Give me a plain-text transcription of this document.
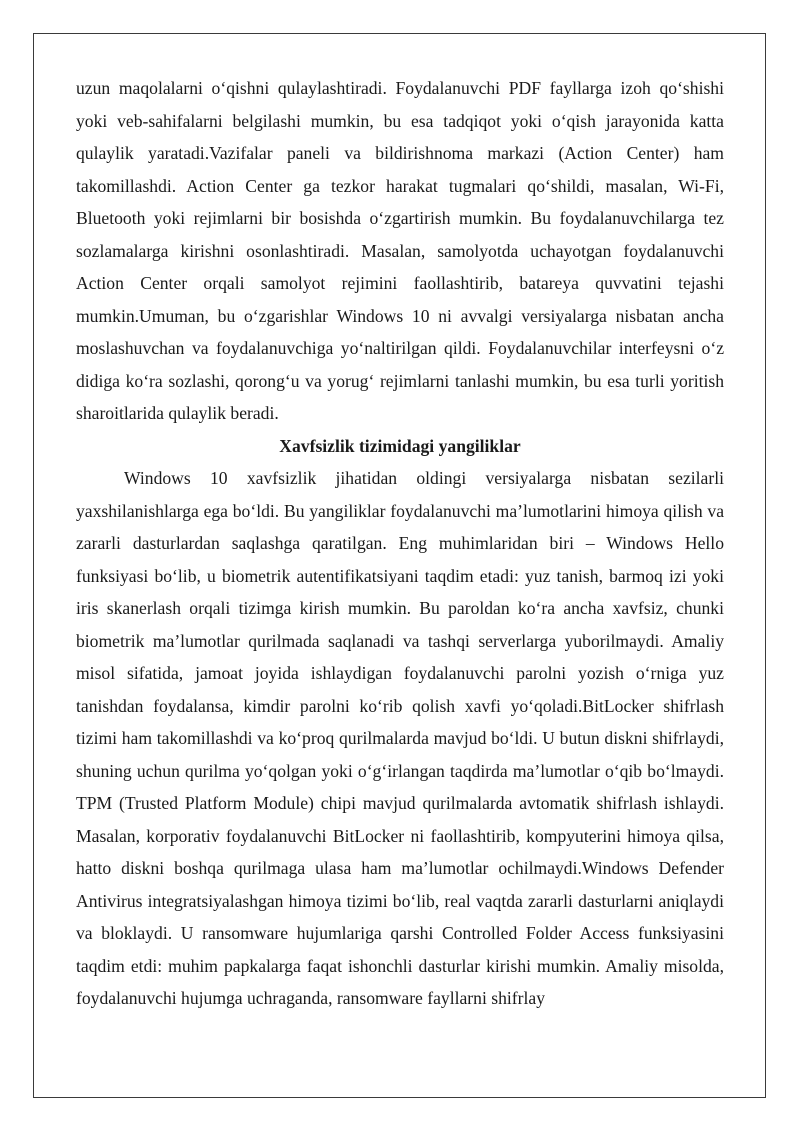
uzun maqolalarni o‘qishni qulaylashtiradi. Foydalanuvchi PDF fayllarga izoh qo‘shishi yoki veb-sahifalarni belgilashi mumkin, bu esa tadqiqot yoki o‘qish jarayonida katta qulaylik yaratadi.Vazifalar paneli va bildirishnoma markazi (Action Center) ham takomillashdi. Action Center ga tezkor harakat tugmalari qo‘shildi, masalan, Wi-Fi, Bluetooth yoki rejimlarni bir bosishda o‘zgartirish mumkin. Bu foydalanuvchilarga tez sozlamalarga kirishni osonlashtiradi. Masalan, samolyotda uchayotgan foydalanuvchi Action Center orqali samolyot rejimini faollashtirib, batareya quvvatini tejashi mumkin.Umuman, bu o‘zgarishlar Windows 10 ni avvalgi versiyalarga nisbatan ancha moslashuvchan va foydalanuvchiga yo‘naltirilgan qildi. Foydalanuvchilar interfeysni o‘z didiga ko‘ra sozlashi, qorong‘u va yorug‘ rejimlarni tanlashi mumkin, bu esa turli yoritish sharoitlarida qulaylik beradi.

Xavfsizlik tizimidagi yangiliklar

Windows 10 xavfsizlik jihatidan oldingi versiyalarga nisbatan sezilarli yaxshilanishlarga ega bo‘ldi. Bu yangiliklar foydalanuvchi ma’lumotlarini himoya qilish va zararli dasturlardan saqlashga qaratilgan. Eng muhimlaridan biri – Windows Hello funksiyasi bo‘lib, u biometrik autentifikatsiyani taqdim etadi: yuz tanish, barmoq izi yoki iris skanerlash orqali tizimga kirish mumkin. Bu paroldan ko‘ra ancha xavfsiz, chunki biometrik ma’lumotlar qurilmada saqlanadi va tashqi serverlarga yuborilmaydi. Amaliy misol sifatida, jamoat joyida ishlaydigan foydalanuvchi parolni yozish o‘rniga yuz tanishdan foydalansa, kimdir parolni ko‘rib qolish xavfi yo‘qoladi.BitLocker shifrlash tizimi ham takomillashdi va ko‘proq qurilmalarda mavjud bo‘ldi. U butun diskni shifrlaydi, shuning uchun qurilma yo‘qolgan yoki o‘g‘irlangan taqdirda ma’lumotlar o‘qib bo‘lmaydi. TPM (Trusted Platform Module) chipi mavjud qurilmalarda avtomatik shifrlash ishlaydi. Masalan, korporativ foydalanuvchi BitLocker ni faollashtirib, kompyuterini himoya qilsa, hatto diskni boshqa qurilmaga ulasa ham ma’lumotlar ochilmaydi.Windows Defender Antivirus integratsiyalashgan himoya tizimi bo‘lib, real vaqtda zararli dasturlarni aniqlaydi va bloklaydi. U ransomware hujumlariga qarshi Controlled Folder Access funksiyasini taqdim etdi: muhim papkalarga faqat ishonchli dasturlar kirishi mumkin. Amaliy misolda, foydalanuvchi hujumga uchraganda, ransomware fayllarni shifrlay
